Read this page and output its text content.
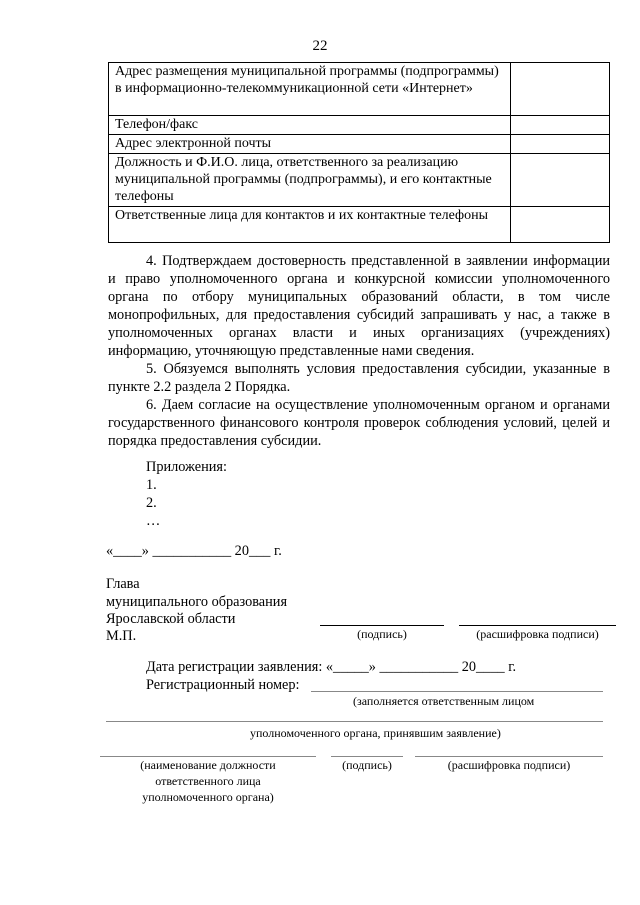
22
Адрес размещения муниципальной программы (подпрограммы) в информационно-телекоммуникационной сети «Интернет»	
Телефон/факс	
Адрес электронной почты	
Должность и Ф.И.О. лица, ответственного за реализацию муниципальной программы (подпрограммы), и его контактные телефоны	
Ответственные лица для контактов и их контактные телефоны	

4. Подтверждаем достоверность представленной в заявлении информации и право уполномоченного органа и конкурсной комиссии уполномоченного органа по отбору муниципальных образований области, в том числе монопрофильных, для предоставления субсидий запрашивать у нас, а также в уполномоченных органах власти и иных организациях (учреждениях) информацию, уточняющую представленные нами сведения.

5. Обязуемся выполнять условия предоставления субсидии, указанные в пункте 2.2 раздела 2 Порядка.

6. Даем согласие на осуществление уполномоченным органом и органами государственного финансового контроля проверок соблюдения условий, целей и порядка предоставления субсидии.

Приложения:
1.
2.
…
«____» ___________ 20___ г.
Глава
муниципального образования
Ярославской области
М.П.	(подпись)	(расшифровка подписи)
Дата регистрации заявления: «_____» ___________ 20____ г.
Регистрационный номер:
(заполняется ответственным лицом
уполномоченного органа, принявшим заявление)
(наименование должности
ответственного лица
уполномоченного органа)
(подпись)	(расшифровка подписи)
